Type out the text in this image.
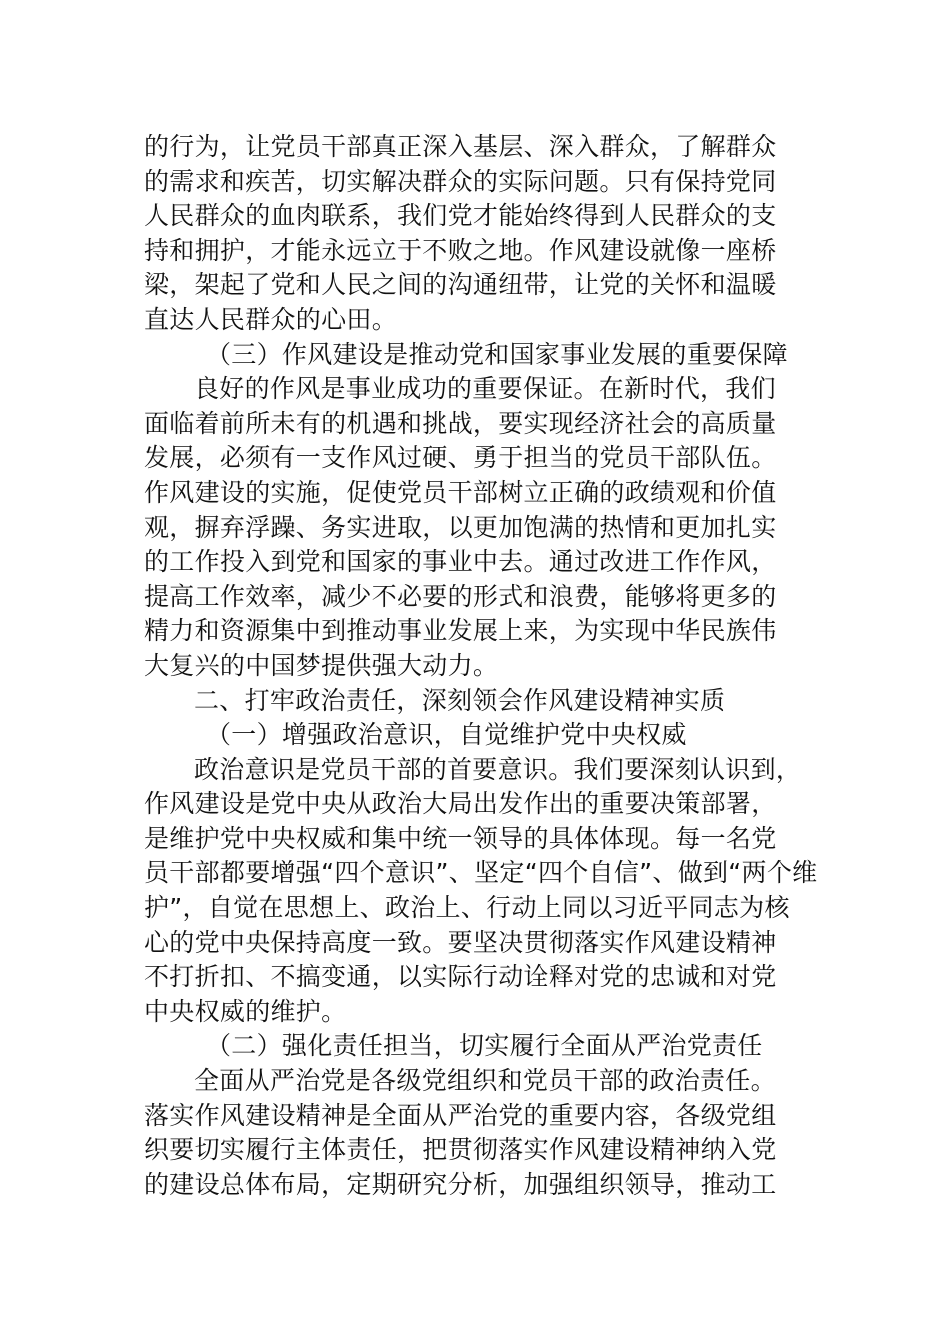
的行为，让党员干部真正深入基层、深入群众，了解群众
的需求和疾苦，切实解决群众的实际问题。只有保持党同
人民群众的血肉联系，我们党才能始终得到人民群众的支
持和拥护，才能永远立于不败之地。作风建设就像一座桥
梁，架起了党和人民之间的沟通纽带，让党的关怀和温暖
直达人民群众的心田。
（三）作风建设是推动党和国家事业发展的重要保障
良好的作风是事业成功的重要保证。在新时代，我们
面临着前所未有的机遇和挑战，要实现经济社会的高质量
发展，必须有一支作风过硬、勇于担当的党员干部队伍。
作风建设的实施，促使党员干部树立正确的政绩观和价值
观，摒弃浮躁、务实进取，以更加饱满的热情和更加扎实
的工作投入到党和国家的事业中去。通过改进工作作风，
提高工作效率，减少不必要的形式和浪费，能够将更多的
精力和资源集中到推动事业发展上来，为实现中华民族伟
大复兴的中国梦提供强大动力。
二、打牢政治责任，深刻领会作风建设精神实质
（一）增强政治意识，自觉维护党中央权威
政治意识是党员干部的首要意识。我们要深刻认识到，
作风建设是党中央从政治大局出发作出的重要决策部署，
是维护党中央权威和集中统一领导的具体体现。每一名党
员干部都要增强“四个意识”、坚定“四个自信”、做到“两个维
护”，自觉在思想上、政治上、行动上同以习近平同志为核
心的党中央保持高度一致。要坚决贯彻落实作风建设精神
不打折扣、不搞变通，以实际行动诠释对党的忠诚和对党
中央权威的维护。
（二）强化责任担当，切实履行全面从严治党责任
全面从严治党是各级党组织和党员干部的政治责任。
落实作风建设精神是全面从严治党的重要内容，各级党组
织要切实履行主体责任，把贯彻落实作风建设精神纳入党
的建设总体布局，定期研究分析，加强组织领导，推动工
